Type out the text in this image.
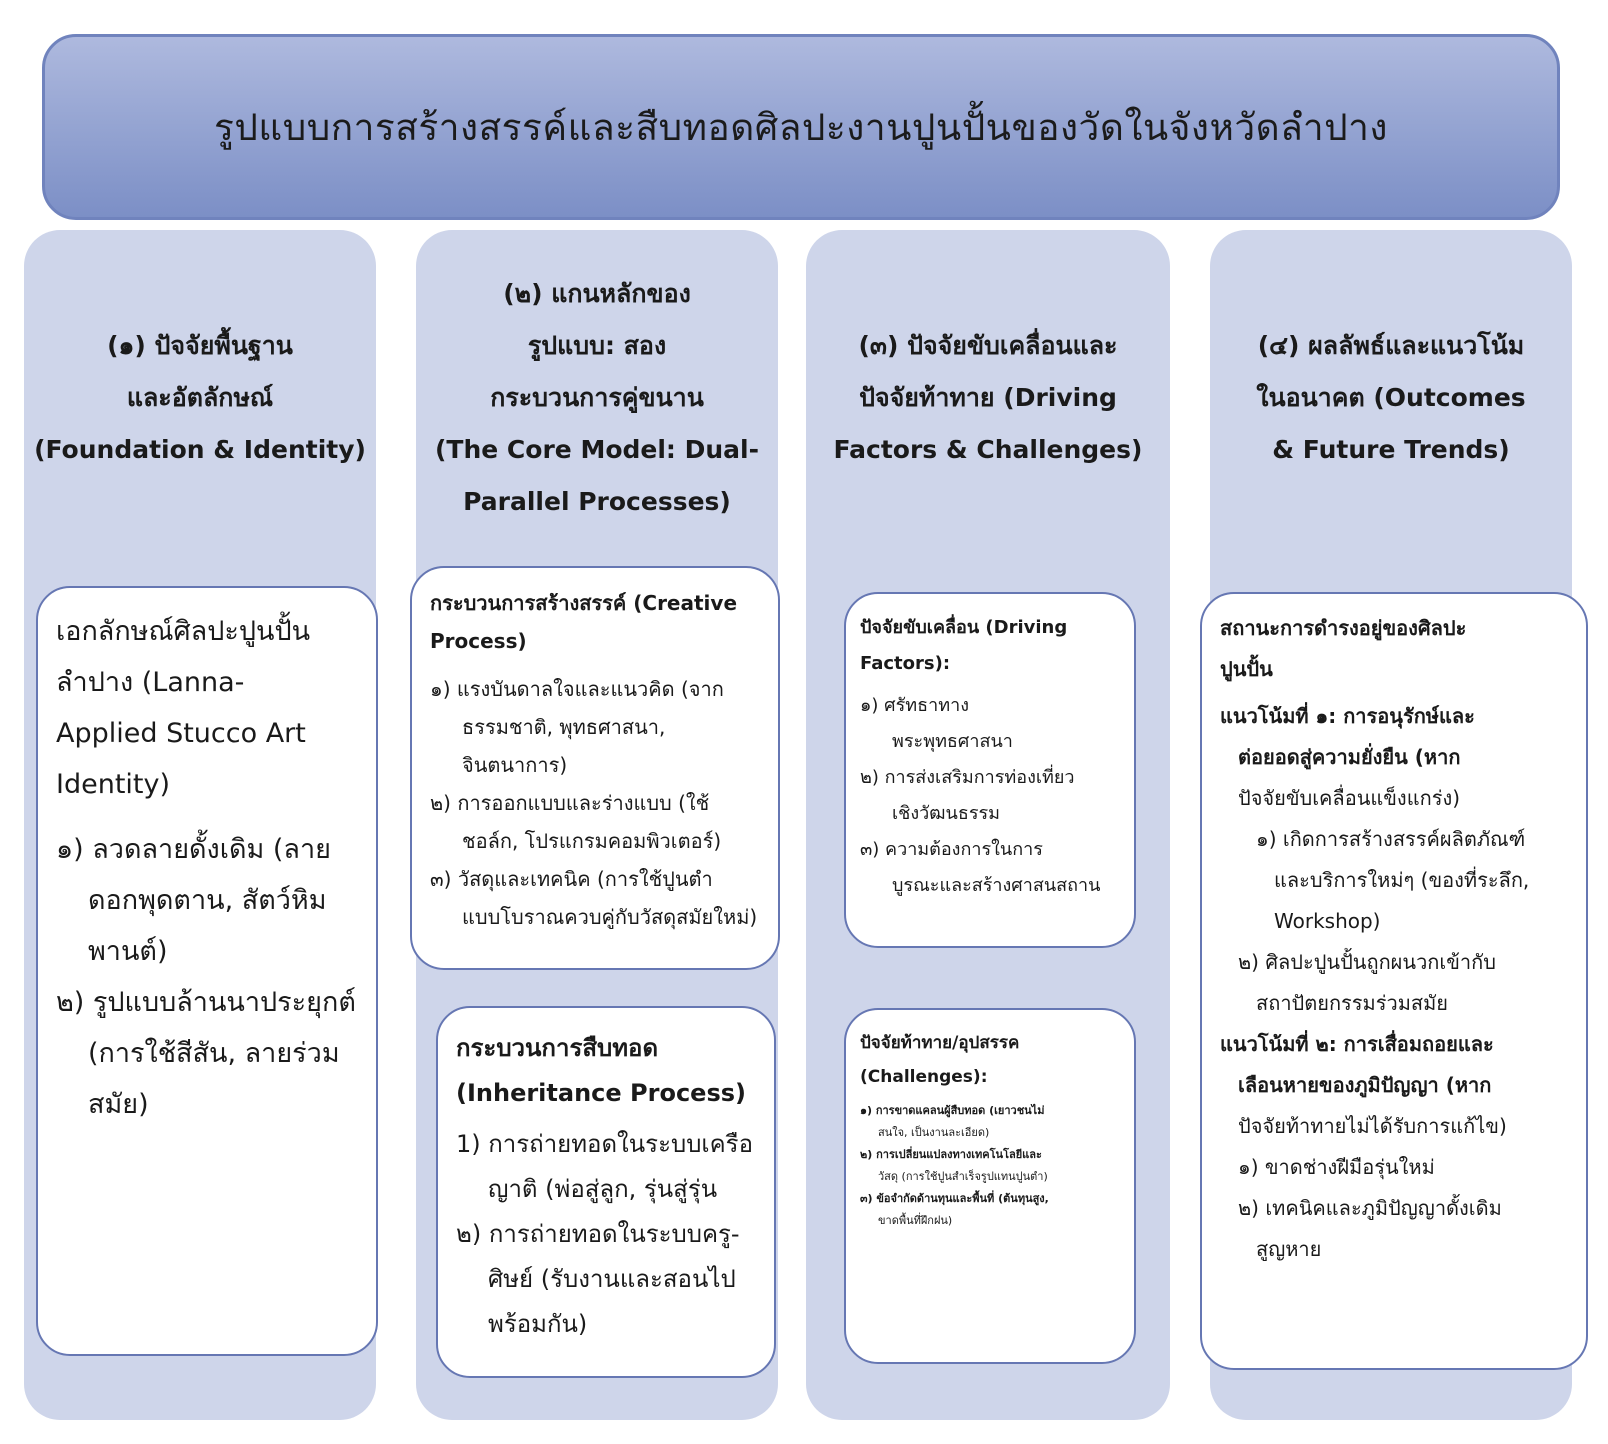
รูปแบบการสร้างสรรค์และสืบทอดศิลปะงานปูนปั้นของวัดในจังหวัดลำปาง
(๑) ปัจจัยพื้นฐาน
และอัตลักษณ์
(Foundation & Identity)
เอกลักษณ์ศิลปะปูนปั้น
ลำปาง (Lanna-
Applied Stucco Art
Identity)
๑) ลวดลายดั้งเดิม (ลาย
ดอกพุดตาน, สัตว์หิม
พานต์)
๒) รูปแบบล้านนาประยุกต์
(การใช้สีสัน, ลายร่วม
สมัย)
(๒) แกนหลักของ
รูปแบบ: สอง
กระบวนการคู่ขนาน
(The Core Model: Dual-
Parallel Processes)
กระบวนการสร้างสรรค์ (Creative
Process)
๑) แรงบันดาลใจและแนวคิด (จาก
ธรรมชาติ, พุทธศาสนา,
จินตนาการ)
๒) การออกแบบและร่างแบบ (ใช้
ชอล์ก, โปรแกรมคอมพิวเตอร์)
๓) วัสดุและเทคนิค (การใช้ปูนตำ
แบบโบราณควบคู่กับวัสดุสมัยใหม่)
กระบวนการสืบทอด
(Inheritance Process)
1) การถ่ายทอดในระบบเครือ
ญาติ (พ่อสู่ลูก, รุ่นสู่รุ่น
๒) การถ่ายทอดในระบบครู-
ศิษย์ (รับงานและสอนไป
พร้อมกัน)
(๓) ปัจจัยขับเคลื่อนและ
ปัจจัยท้าทาย (Driving
Factors & Challenges)
ปัจจัยขับเคลื่อน (Driving
Factors):
๑) ศรัทธาทาง
พระพุทธศาสนา
๒) การส่งเสริมการท่องเที่ยว
เชิงวัฒนธรรม
๓) ความต้องการในการ
บูรณะและสร้างศาสนสถาน
ปัจจัยท้าทาย/อุปสรรค
(Challenges):
๑) การขาดแคลนผู้สืบทอด (เยาวชนไม่
สนใจ, เป็นงานละเอียด)
๒) การเปลี่ยนแปลงทางเทคโนโลยีและ
วัสดุ (การใช้ปูนสำเร็จรูปแทนปูนตำ)
๓) ข้อจำกัดด้านทุนและพื้นที่ (ต้นทุนสูง,
ขาดพื้นที่ฝึกฝน)
(๔) ผลลัพธ์และแนวโน้ม
ในอนาคต (Outcomes
& Future Trends)
สถานะการดำรงอยู่ของศิลปะ
ปูนปั้น
แนวโน้มที่ ๑: การอนุรักษ์และ
ต่อยอดสู่ความยั่งยืน (หาก
ปัจจัยขับเคลื่อนแข็งแกร่ง)
๑) เกิดการสร้างสรรค์ผลิตภัณฑ์
และบริการใหม่ๆ (ของที่ระลึก,
Workshop)
๒) ศิลปะปูนปั้นถูกผนวกเข้ากับ
สถาปัตยกรรมร่วมสมัย
แนวโน้มที่ ๒: การเสื่อมถอยและ
เลือนหายของภูมิปัญญา (หาก
ปัจจัยท้าทายไม่ได้รับการแก้ไข)
๑) ขาดช่างฝีมือรุ่นใหม่
๒) เทคนิคและภูมิปัญญาดั้งเดิม
สูญหาย
